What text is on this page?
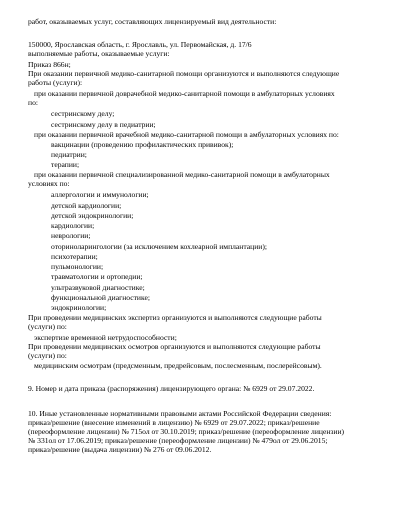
работ, оказываемых услуг, составляющих лицензируемый вид деятельности:

150000, Ярославская область, г. Ярославль, ул. Первомайская, д. 17/6

выполняемые работы, оказываемые услуги:

Приказ 866н;

При оказании первичной медико-санитарной помощи организуются и выполняются следующие

работы (услуги):

при оказании первичной доврачебной медико-санитарной помощи в амбулаторных условиях

по:

сестринскому делу;

сестринскому делу в педиатрии;

при оказании первичной врачебной медико-санитарной помощи в амбулаторных условиях по:

вакцинации (проведению профилактических прививок);

педиатрии;

терапии;

при оказании первичной специализированной медико-санитарной помощи в амбулаторных

условиях по:

аллергологии и иммунологии;

детской кардиологии;

детской эндокринологии;

кардиологии;

неврологии;

оториноларингологии (за исключением кохлеарной имплантации);

психотерапии;

пульмонологии;

травматологии и ортопедии;

ультразвуковой диагностике;

функциональной диагностике;

эндокринологии;

При проведении медицинских экспертиз организуются и выполняются следующие работы

(услуги) по:

экспертизе временной нетрудоспособности;

При проведении медицинских осмотров организуются и выполняются следующие работы

(услуги) по:

медицинским осмотрам (предсменным, предрейсовым, послесменным, послерейсовым).

9. Номер и дата приказа (распоряжения) лицензирующего органа: № 6929 от 29.07.2022.

10. Иные установленные нормативными правовыми актами Российской Федерации сведения:

приказ/решение (внесение изменений в лицензию) № 6929 от 29.07.2022; приказ/решение

(переоформление лицензии) № 715ол от 30.10.2019; приказ/решение (переоформление лицензии)

№ 331ол от 17.06.2019; приказ/решение (переоформление лицензии) № 479ол от 29.06.2015;

приказ/решение (выдача лицензии) № 276 от 09.06.2012.
